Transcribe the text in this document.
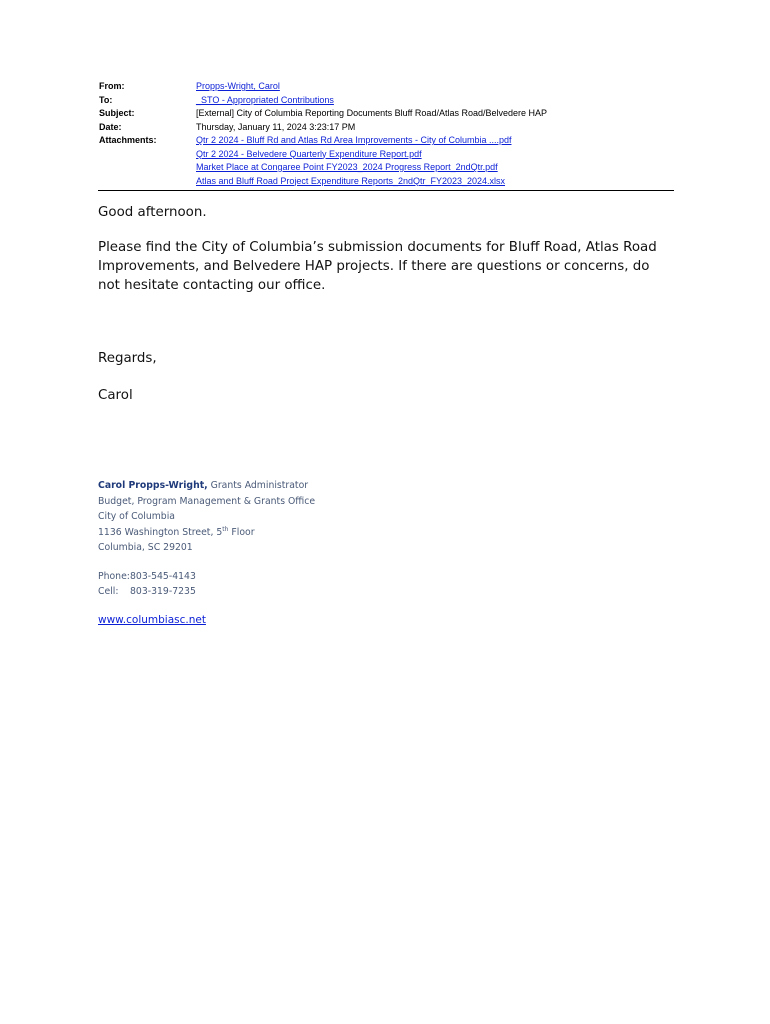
From:	Propps-Wright, Carol
To:	_STO - Appropriated Contributions
Subject:	[External] City of Columbia Reporting Documents Bluff Road/Atlas Road/Belvedere HAP
Date:	Thursday, January 11, 2024 3:23:17 PM
Attachments:	Qtr 2 2024 - Bluff Rd and Atlas Rd Area Improvements - City of Columbia ....pdf
Qtr 2 2024 - Belvedere Quarterly Expenditure Report.pdf
Market Place at Congaree Point FY2023_2024 Progress Report_2ndQtr.pdf
Atlas and Bluff Road Project Expenditure Reports_2ndQtr_FY2023_2024.xlsx
Good afternoon.
Please find the City of Columbia’s submission documents for Bluff Road, Atlas Road Improvements, and Belvedere HAP projects. If there are questions or concerns, do not hesitate contacting our office.
Regards,
Carol
Carol Propps-Wright, Grants Administrator
Budget, Program Management & Grants Office
City of Columbia
1136 Washington Street, 5th Floor
Columbia, SC 29201
Phone:803-545-4143
Cell: 803-319-7235
www.columbiasc.net
